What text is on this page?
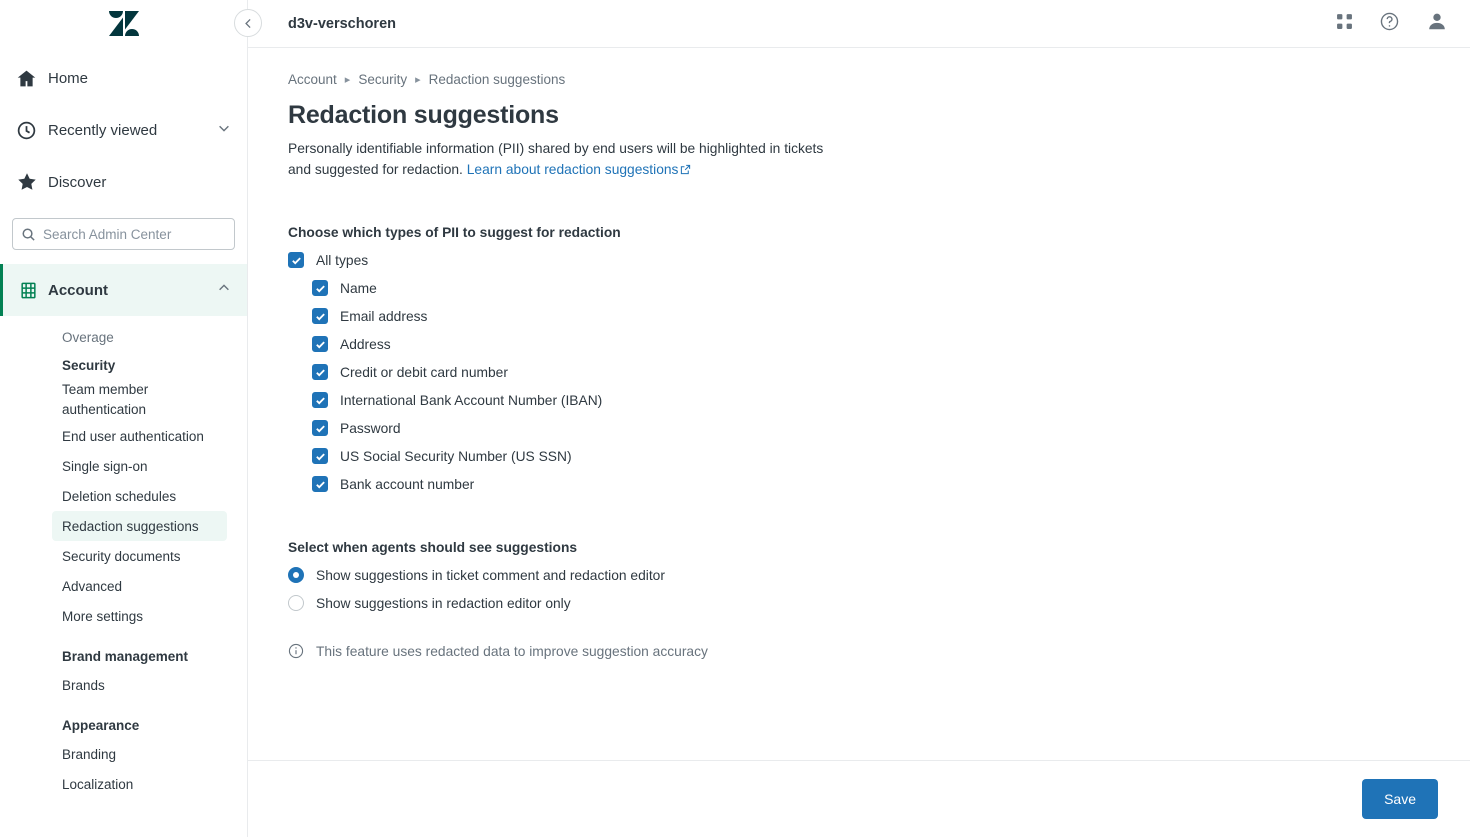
Home
Recently viewed
Discover
Search Admin Center
Account
Overage
Security
Team member authentication
End user authentication
Single sign-on
Deletion schedules
Redaction suggestions
Security documents
Advanced
More settings
Brand management
Brands
Appearance
Branding
Localization
d3v-verschoren
Account ▸ Security ▸ Redaction suggestions
Redaction suggestions

Personally identifiable information (PII) shared by end users will be highlighted in tickets and suggested for redaction. Learn about redaction suggestions

Choose which types of PII to suggest for redaction
All types
Name
Email address
Address
Credit or debit card number
International Bank Account Number (IBAN)
Password
US Social Security Number (US SSN)
Bank account number
Select when agents should see suggestions
Show suggestions in ticket comment and redaction editor
Show suggestions in redaction editor only
This feature uses redacted data to improve suggestion accuracy
Save
